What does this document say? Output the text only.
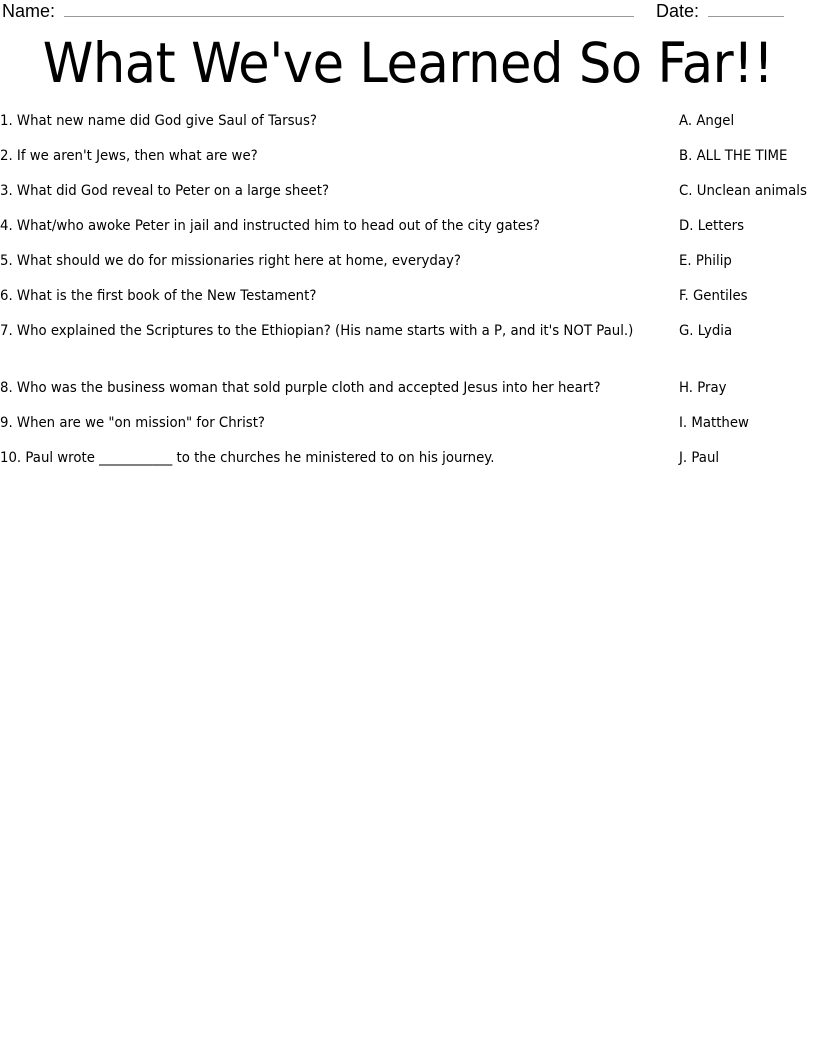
Name:	Date:
What We've Learned So Far!!
1. What new name did God give Saul of Tarsus?
2. If we aren't Jews, then what are we?
3. What did God reveal to Peter on a large sheet?
4. What/who awoke Peter in jail and instructed him to head out of the city gates?
5. What should we do for missionaries right here at home, everyday?
6. What is the first book of the New Testament?
7. Who explained the Scriptures to the Ethiopian? (His name starts with a P, and it's NOT Paul.)
8. Who was the business woman that sold purple cloth and accepted Jesus into her heart?
9. When are we "on mission" for Christ?
10. Paul wrote ___________ to the churches he ministered to on his journey.
A. Angel
B. ALL THE TIME
C. Unclean animals
D. Letters
E. Philip
F. Gentiles
G. Lydia
H. Pray
I. Matthew
J. Paul
